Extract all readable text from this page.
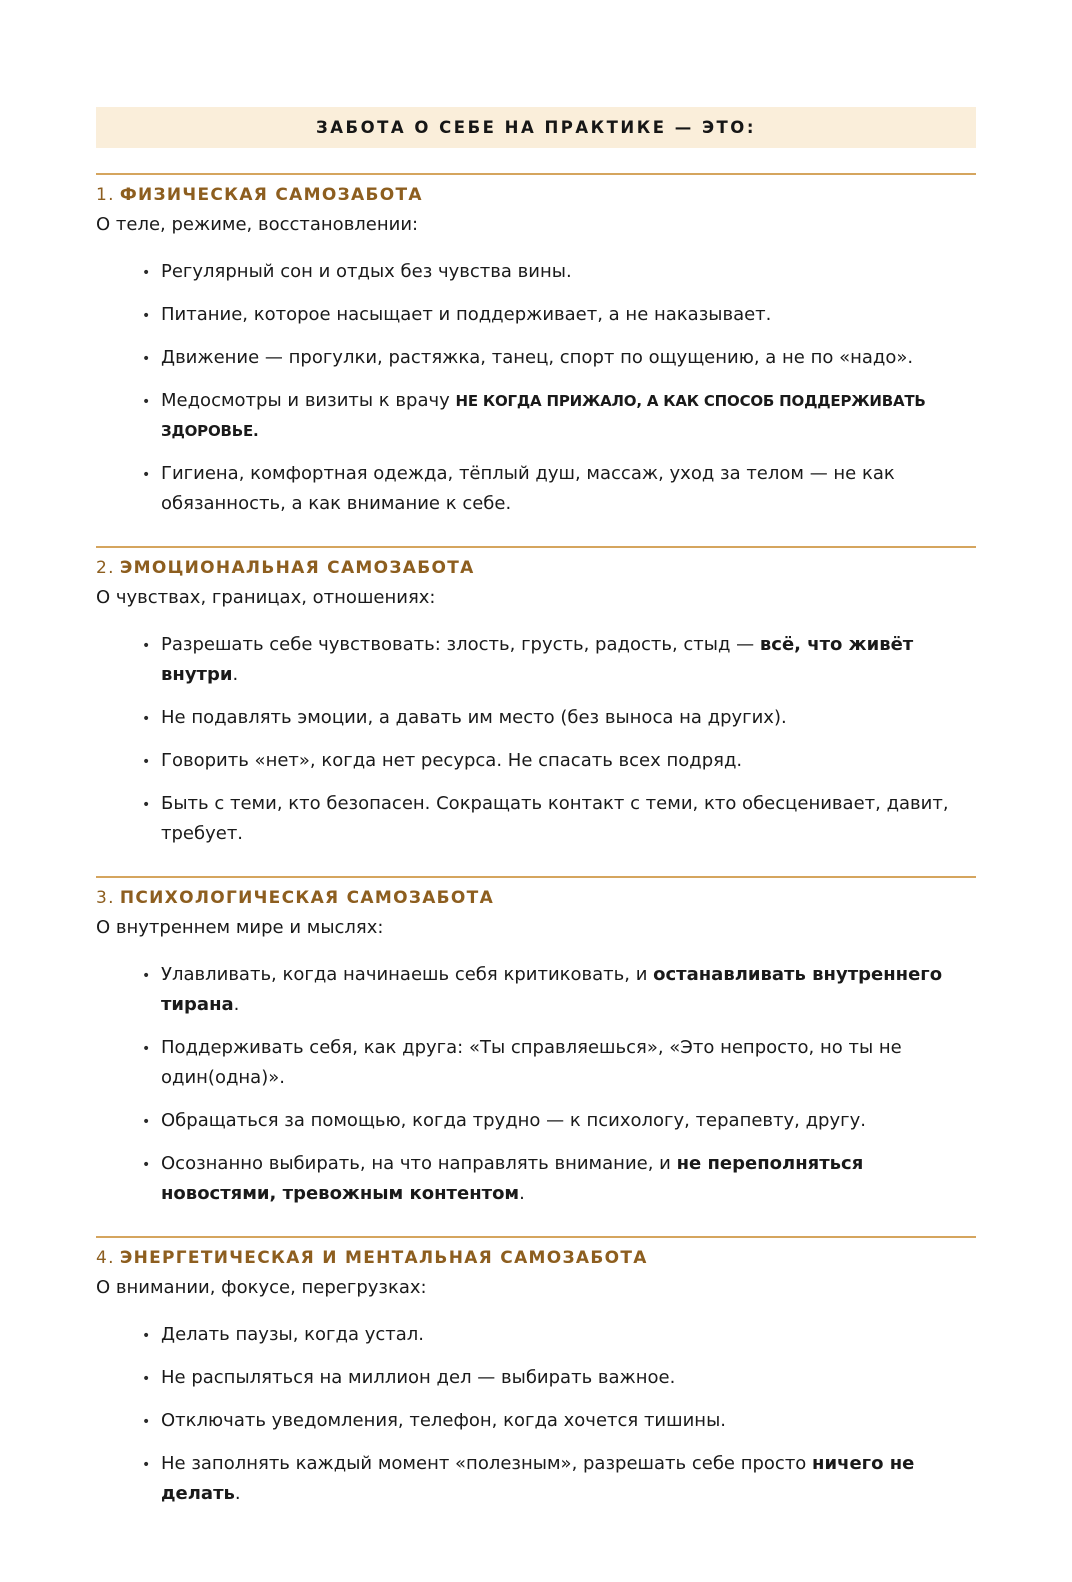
ЗАБОТА О СЕБЕ НА ПРАКТИКЕ — ЭТО:
1. ФИЗИЧЕСКАЯ САМОЗАБОТА
О теле, режиме, восстановлении:
• Регулярный сон и отдых без чувства вины.
• Питание, которое насыщает и поддерживает, а не наказывает.
• Движение — прогулки, растяжка, танец, спорт по ощущению, а не по «надо».
• Медосмотры и визиты к врачу НЕ КОГДА ПРИЖАЛО, А КАК СПОСОБ ПОДДЕРЖИВАТЬ ЗДОРОВЬЕ.
• Гигиена, комфортная одежда, тёплый душ, массаж, уход за телом — не как обязанность, а как внимание к себе.
2. ЭМОЦИОНАЛЬНАЯ САМОЗАБОТА
О чувствах, границах, отношениях:
• Разрешать себе чувствовать: злость, грусть, радость, стыд — всё, что живёт внутри.
• Не подавлять эмоции, а давать им место (без выноса на других).
• Говорить «нет», когда нет ресурса. Не спасать всех подряд.
• Быть с теми, кто безопасен. Сокращать контакт с теми, кто обесценивает, давит, требует.
3. ПСИХОЛОГИЧЕСКАЯ САМОЗАБОТА
О внутреннем мире и мыслях:
• Улавливать, когда начинаешь себя критиковать, и останавливать внутреннего тирана.
• Поддерживать себя, как друга: «Ты справляешься», «Это непросто, но ты не один(одна)».
• Обращаться за помощью, когда трудно — к психологу, терапевту, другу.
• Осознанно выбирать, на что направлять внимание, и не переполняться новостями, тревожным контентом.
4. ЭНЕРГЕТИЧЕСКАЯ И МЕНТАЛЬНАЯ САМОЗАБОТА
О внимании, фокусе, перегрузках:
• Делать паузы, когда устал.
• Не распыляться на миллион дел — выбирать важное.
• Отключать уведомления, телефон, когда хочется тишины.
• Не заполнять каждый момент «полезным», разрешать себе просто ничего не делать.
